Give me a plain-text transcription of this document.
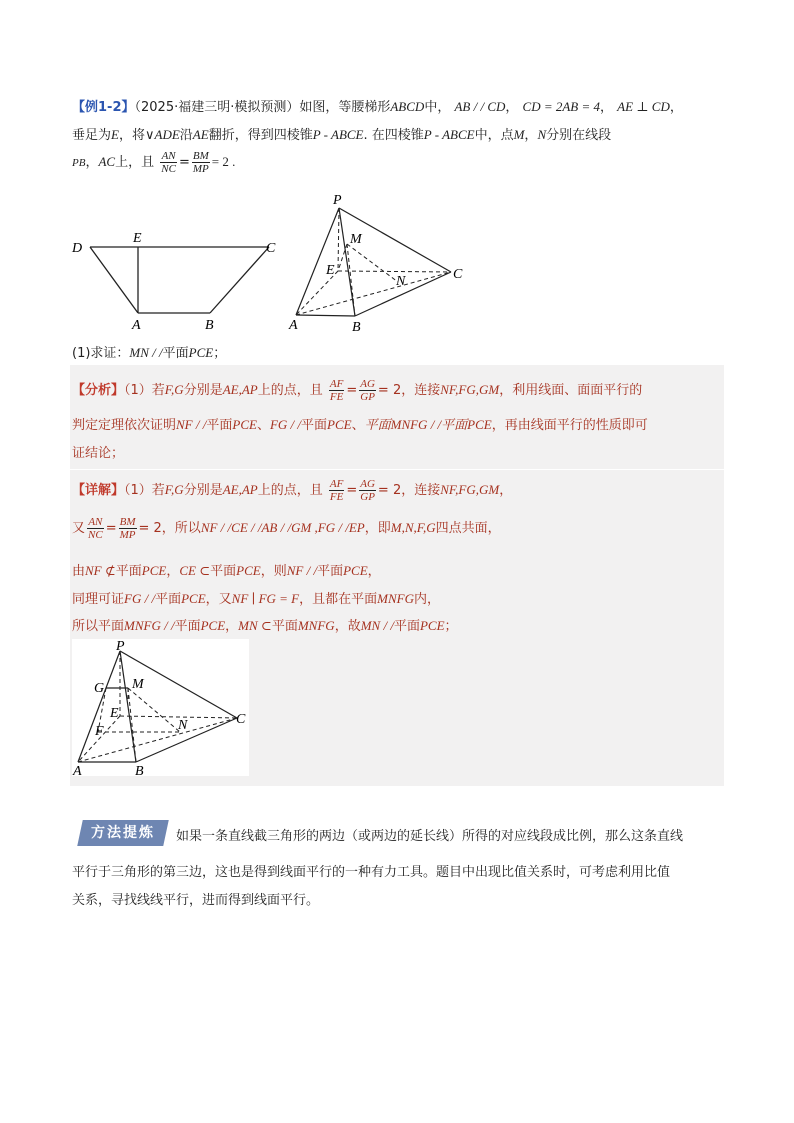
【例1-2】（2025·福建三明·模拟预测）如图，等腰梯形ABCD中， AB / / CD， CD = 2AB = 4， AE ⊥ CD，
垂足为E，将∨ADE沿AE翻折，得到四棱锥P - ABCE. 在四棱锥P - ABCE中，点M，N分别在线段
PB，AC上，且 $\frac{AN}{NC} = \frac{BM}{MP} = 2$ .
D
E
C
A	B
P
M
E
N	C
A	B
(1)求证：MN / /平面PCE；
【分析】（1）若F,G分别是AE,AP上的点，且 $\frac{AF}{FE} = \frac{AG}{GP} = 2$，连接NF,FG,GM，利用线面、面面平行的
判定定理依次证明NF / /平面PCE、FG / /平面PCE、平面MNFG / /平面PCE，再由线面平行的性质即可
证结论；
【详解】（1）若F,G分别是AE,AP上的点，且 $\frac{AF}{FE} = \frac{AG}{GP} = 2$，连接NF,FG,GM，
又 $\frac{AN}{NC} = \frac{BM}{MP} = 2$，所以NF / /CE / /AB / /GM ,FG / /EP，即M,N,F,G四点共面，
由NF ⊄平面PCE，CE ⊂平面PCE，则NF / /平面PCE，
同理可证FG / /平面PCE，又NF ∣ FG = F，且都在平面MNFG内，
所以平面MNFG / /平面PCE，MN ⊂平面MNFG，故MN / /平面PCE；
P
G M
E
F	N	C
A	B
方法提炼	如果一条直线截三角形的两边（或两边的延长线）所得的对应线段成比例，那么这条直线
平行于三角形的第三边，这也是得到线面平行的一种有力工具。题目中出现比值关系时，可考虑利用比值
关系，寻找线线平行，进而得到线面平行。
